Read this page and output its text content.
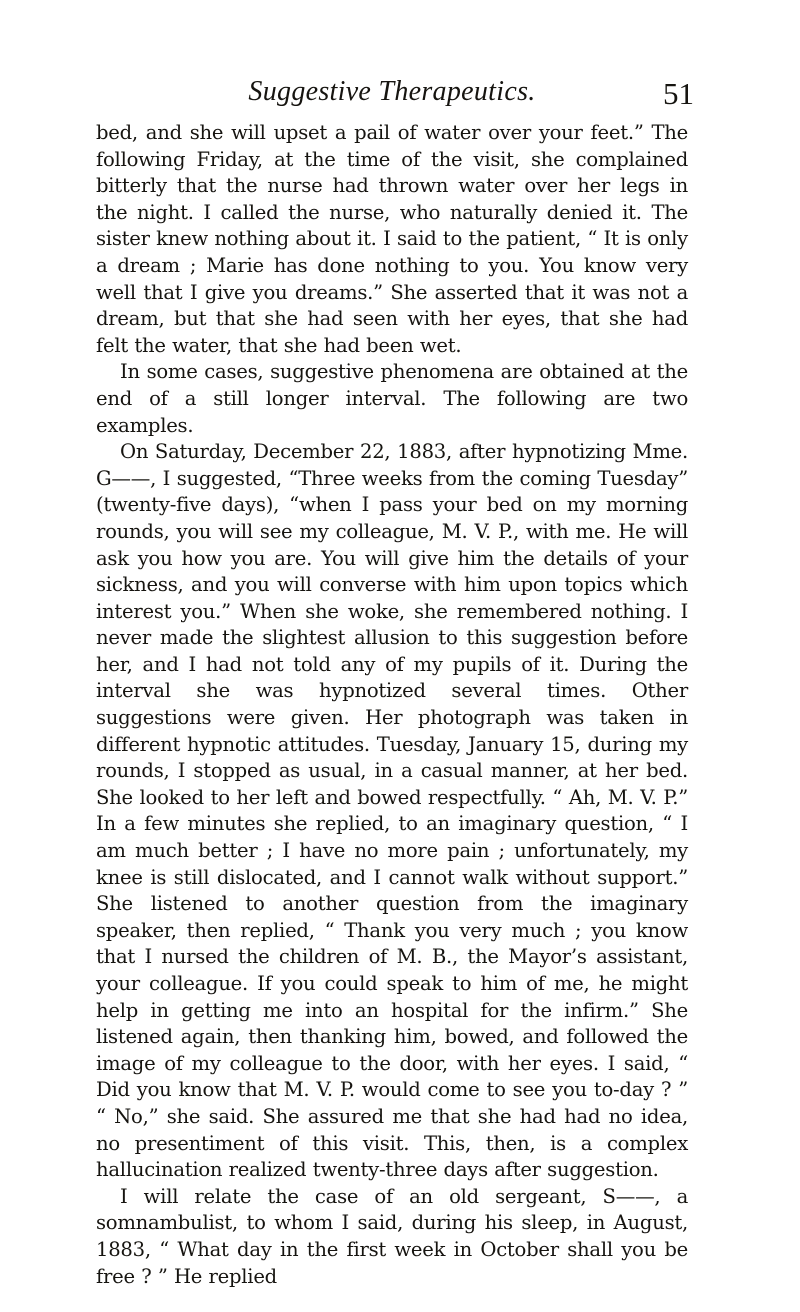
Suggestive Therapeutics.	51

bed, and she will upset a pail of water over your feet.” The following Friday, at the time of the visit, she complained bitterly that the nurse had thrown water over her legs in the night. I called the nurse, who naturally denied it. The sister knew nothing about it. I said to the patient, “ It is only a dream ; Marie has done nothing to you. You know very well that I give you dreams.” She asserted that it was not a dream, but that she had seen with her eyes, that she had felt the water, that she had been wet.

In some cases, suggestive phenomena are obtained at the end of a still longer interval. The following are two examples.

On Saturday, December 22, 1883, after hypnotizing Mme. G——, I suggested, “Three weeks from the coming Tuesday” (twenty-five days), “when I pass your bed on my morning rounds, you will see my colleague, M. V. P., with me. He will ask you how you are. You will give him the details of your sickness, and you will converse with him upon topics which interest you.” When she woke, she remembered nothing. I never made the slightest allusion to this suggestion before her, and I had not told any of my pupils of it. During the interval she was hypnotized several times. Other suggestions were given. Her photograph was taken in different hypnotic attitudes. Tuesday, January 15, during my rounds, I stopped as usual, in a casual manner, at her bed. She looked to her left and bowed respectfully. “ Ah, M. V. P.” In a few minutes she replied, to an imaginary question, “ I am much better ; I have no more pain ; unfortunately, my knee is still dislocated, and I cannot walk without support.” She listened to another question from the imaginary speaker, then replied, “ Thank you very much ; you know that I nursed the children of M. B., the Mayor’s assistant, your colleague. If you could speak to him of me, he might help in getting me into an hospital for the infirm.” She listened again, then thanking him, bowed, and followed the image of my colleague to the door, with her eyes. I said, “ Did you know that M. V. P. would come to see you to-day ? ” “ No,” she said. She assured me that she had had no idea, no presentiment of this visit. This, then, is a complex hallucination realized twenty-three days after suggestion.

I will relate the case of an old sergeant, S——, a somnambulist, to whom I said, during his sleep, in August, 1883, “ What day in the first week in October shall you be free ? ” He replied
